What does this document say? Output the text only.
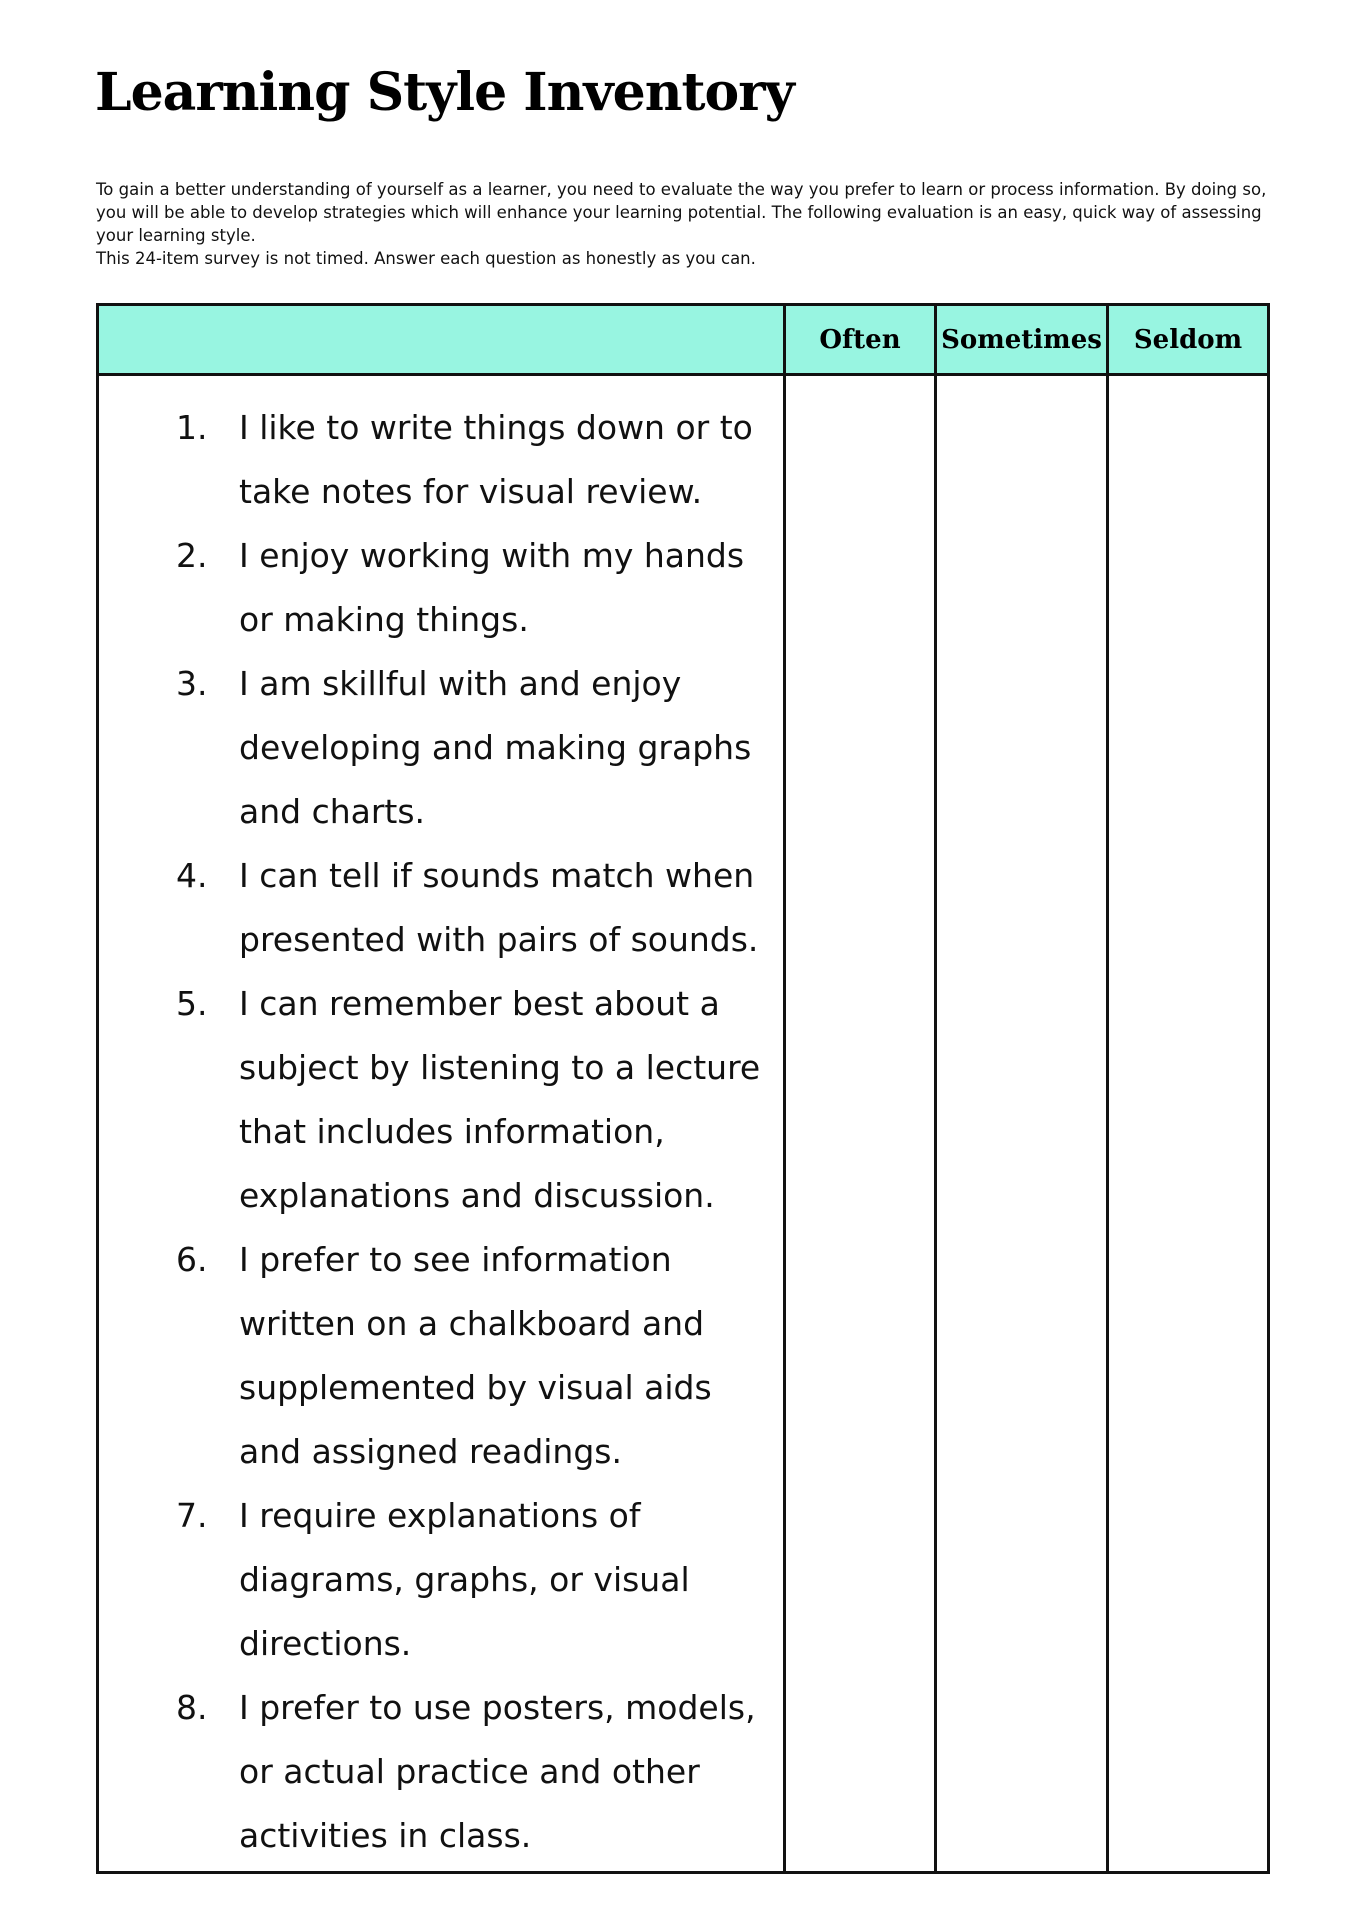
Learning Style Inventory

To gain a better understanding of yourself as a learner, you need to evaluate the way you prefer to learn or process information. By doing so, you will be able to develop strategies which will enhance your learning potential. The following evaluation is an easy, quick way of assessing your learning style.

This 24-item survey is not timed. Answer each question as honestly as you can.

Often	Sometimes	Seldom
1. I like to write things down or to take notes for visual review.
2. I enjoy working with my hands or making things.
3. I am skillful with and enjoy developing and making graphs and charts.
4. I can tell if sounds match when presented with pairs of sounds.
5. I can remember best about a subject by listening to a lecture that includes information, explanations and discussion.
6. I prefer to see information written on a chalkboard and supplemented by visual aids and assigned readings.
7. I require explanations of diagrams, graphs, or visual directions.
8. I prefer to use posters, models, or actual practice and other activities in class.
